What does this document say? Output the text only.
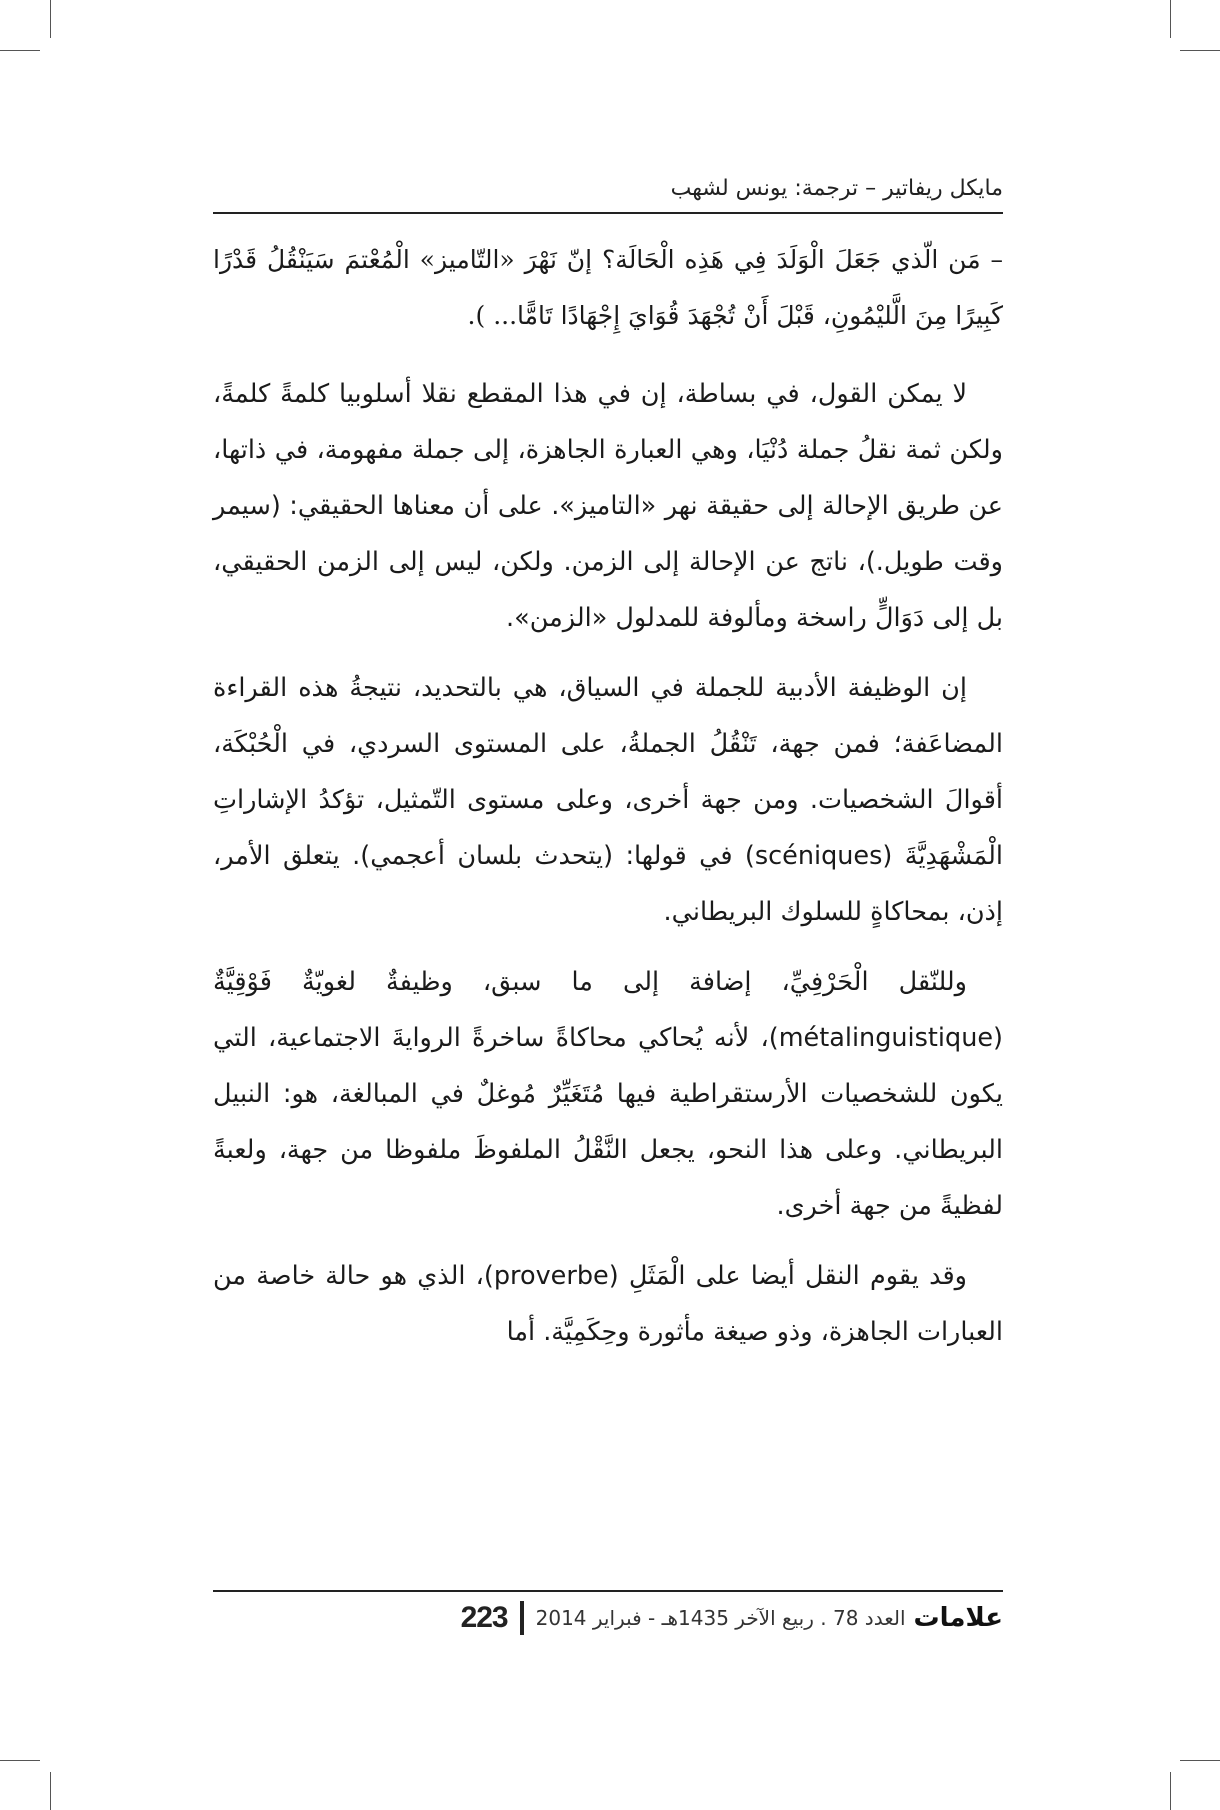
مايكل ريفاتير – ترجمة: يونس لشهب

– مَن الّذي جَعَلَ الْوَلَدَ فِي هَذِه الْحَالَة؟ إنّ نَهْرَ «التّاميز» الْمُعْتمَ سَيَنْقُلُ قَدْرًا كَبِيرًا مِنَ الَّليْمُونِ، قَبْلَ أَنْ تُجْهَدَ قُوَايَ إِجْهَادًا تَامًّا... ).

لا يمكن القول، في بساطة، إن في هذا المقطع نقلا أسلوبيا كلمةً كلمةً، ولكن ثمة نقلُ جملة دُنْيَا، وهي العبارة الجاهزة، إلى جملة مفهومة، في ذاتها، عن طريق الإحالة إلى حقيقة نهر «التاميز». على أن معناها الحقيقي: (سيمر وقت طويل.)، ناتج عن الإحالة إلى الزمن. ولكن، ليس إلى الزمن الحقيقي، بل إلى دَوَالٍّ راسخة ومألوفة للمدلول «الزمن».

إن الوظيفة الأدبية للجملة في السياق، هي بالتحديد، نتيجةُ هذه القراءة المضاعَفة؛ فمن جهة، تَنْقُلُ الجملةُ، على المستوى السردي، في الْحُبْكَة، أقوالَ الشخصيات. ومن جهة أخرى، وعلى مستوى التّمثيل، تؤكدُ الإشاراتِ الْمَشْهَدِيَّةَ (scéniques) في قولها: (يتحدث بلسان أعجمي). يتعلق الأمر، إذن، بمحاكاةٍ للسلوك البريطاني.

وللنّقل الْحَرْفِيِّ، إضافة إلى ما سبق، وظيفةٌ لغويّةٌ فَوْقِيَّةٌ (métalinguistique)، لأنه يُحاكي محاكاةً ساخرةً الروايةَ الاجتماعية، التي يكون للشخصيات الأرستقراطية فيها مُتَغَيِّرٌ مُوغلٌ في المبالغة، هو: النبيل البريطاني. وعلى هذا النحو، يجعل النَّقْلُ الملفوظَ ملفوظا من جهة، ولعبةً لفظيةً من جهة أخرى.

وقد يقوم النقل أيضا على الْمَثَلِ (proverbe)، الذي هو حالة خاصة من العبارات الجاهزة، وذو صيغة مأثورة وحِكَمِيَّة. أما

223 العدد 78 . ربيع الآخر 1435هـ - فبراير 2014 علامات
